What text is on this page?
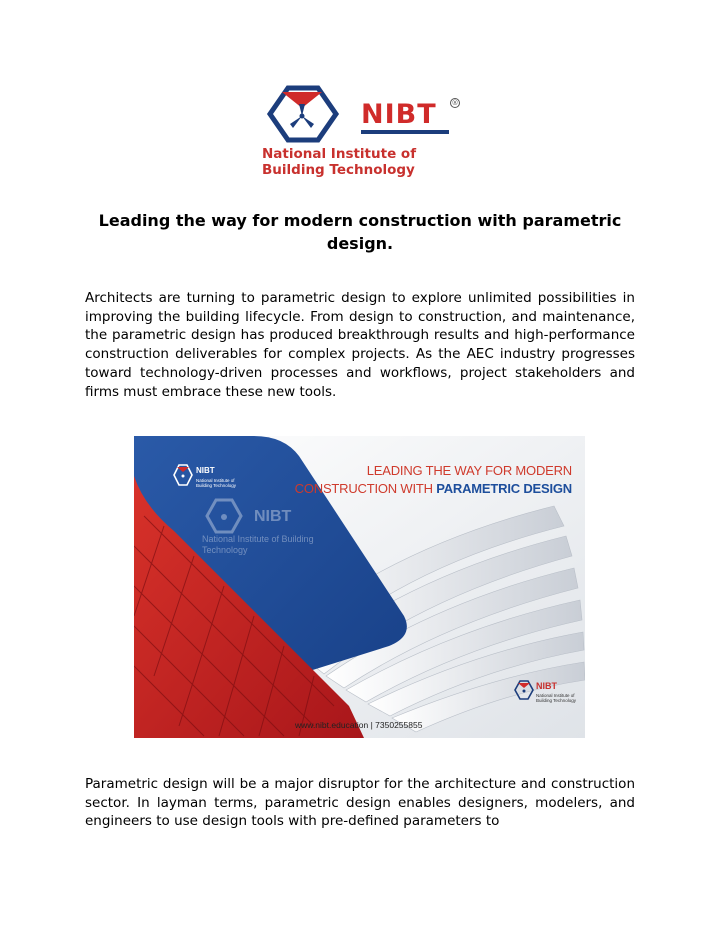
NIBT ®
National Institute of
Building Technology
Leading the way for modern construction with parametric design.

Architects are turning to parametric design to explore unlimited possibilities in improving the building lifecycle. From design to construction, and maintenance, the parametric design has produced breakthrough results and high-performance construction deliverables for complex projects. As the AEC industry progresses toward technology-driven processes and workflows, project stakeholders and firms must embrace these new tools.

NIBT
National Institute of Building Technology
NIBT
National Institute of Building Technology
LEADING THE WAY FOR MODERN
CONSTRUCTION WITH PARAMETRIC DESIGN
NIBT
National Institute of Building Technology
www.nibt.education | 7350255855

Parametric design will be a major disruptor for the architecture and construction sector. In layman terms, parametric design enables designers, modelers, and engineers to use design tools with pre-defined parameters to
